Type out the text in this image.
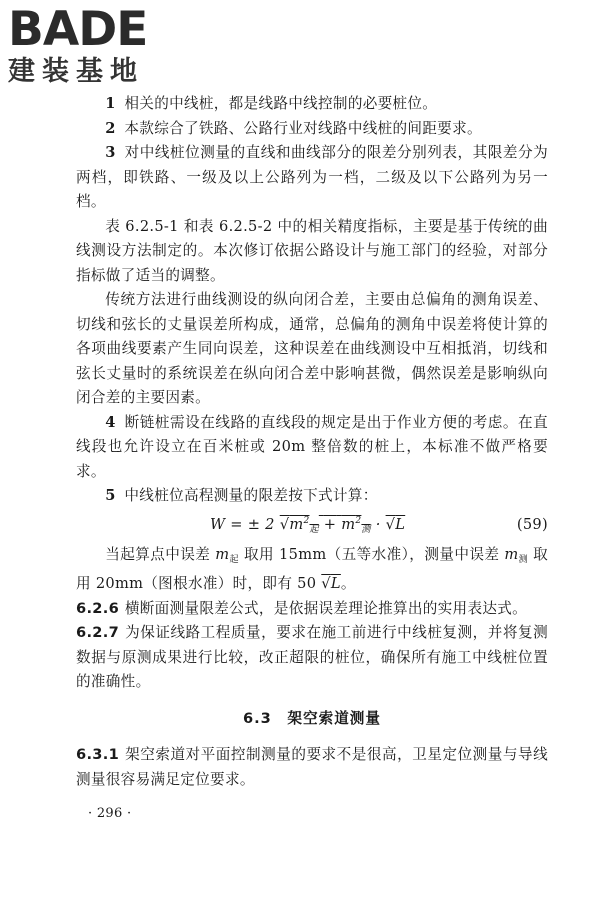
BADE
建装基地

1 相关的中线桩，都是线路中线控制的必要桩位。

2 本款综合了铁路、公路行业对线路中线桩的间距要求。

3 对中线桩位测量的直线和曲线部分的限差分别列表，其限差分为两档，即铁路、一级及以上公路列为一档，二级及以下公路列为另一档。

表 6.2.5-1 和表 6.2.5-2 中的相关精度指标，主要是基于传统的曲线测设方法制定的。本次修订依据公路设计与施工部门的经验，对部分指标做了适当的调整。

传统方法进行曲线测设的纵向闭合差，主要由总偏角的测角误差、切线和弦长的丈量误差所构成，通常，总偏角的测角中误差将使计算的各项曲线要素产生同向误差，这种误差在曲线测设中互相抵消，切线和弦长丈量时的系统误差在纵向闭合差中影响甚微，偶然误差是影响纵向闭合差的主要因素。

4 断链桩需设在线路的直线段的规定是出于作业方便的考虑。在直线段也允许设立在百米桩或 20m 整倍数的桩上，本标准不做严格要求。

5 中线桩位高程测量的限差按下式计算：

W = ± 2 $√m^2_起 + m^2_测 \cdot √L$	(59)

当起算点中误差 $m_起$ 取用 15mm（五等水准），测量中误差 $m_测$ 取用 20mm（图根水准）时，即有 50 √L。

6.2.6 横断面测量限差公式，是依据误差理论推算出的实用表达式。

6.2.7 为保证线路工程质量，要求在施工前进行中线桩复测，并将复测数据与原测成果进行比较，改正超限的桩位，确保所有施工中线桩位置的准确性。

6.3　架空索道测量

6.3.1 架空索道对平面控制测量的要求不是很高，卫星定位测量与导线测量很容易满足定位要求。

· 296 ·
